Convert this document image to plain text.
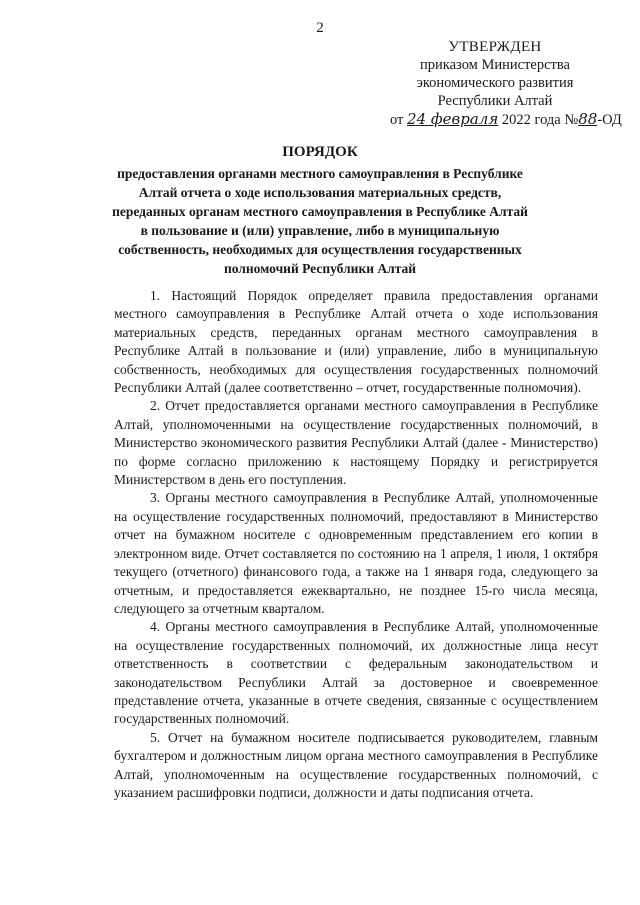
2
УТВЕРЖДЕН
приказом Министерства
экономического развития
Республики Алтай
от 24 февраля 2022 года №88-ОД
ПОРЯДОК
предоставления органами местного самоуправления в Республике Алтай отчета о ходе использования материальных средств, переданных органам местного самоуправления в Республике Алтай в пользование и (или) управление, либо в муниципальную собственность, необходимых для осуществления государственных полномочий Республики Алтай

1. Настоящий Порядок определяет правила предоставления органами местного самоуправления в Республике Алтай отчета о ходе использования материальных средств, переданных органам местного самоуправления в Республике Алтай в пользование и (или) управление, либо в муниципальную собственность, необходимых для осуществления государственных полномочий Республики Алтай (далее соответственно – отчет, государственные полномочия).

2. Отчет предоставляется органами местного самоуправления в Республике Алтай, уполномоченными на осуществление государственных полномочий, в Министерство экономического развития Республики Алтай (далее - Министерство) по форме согласно приложению к настоящему Порядку и регистрируется Министерством в день его поступления.

3. Органы местного самоуправления в Республике Алтай, уполномоченные на осуществление государственных полномочий, предоставляют в Министерство отчет на бумажном носителе с одновременным представлением его копии в электронном виде. Отчет составляется по состоянию на 1 апреля, 1 июля, 1 октября текущего (отчетного) финансового года, а также на 1 января года, следующего за отчетным, и предоставляется ежеквартально, не позднее 15-го числа месяца, следующего за отчетным кварталом.

4. Органы местного самоуправления в Республике Алтай, уполномоченные на осуществление государственных полномочий, их должностные лица несут ответственность в соответствии с федеральным законодательством и законодательством Республики Алтай за достоверное и своевременное представление отчета, указанные в отчете сведения, связанные с осуществлением государственных полномочий.

5. Отчет на бумажном носителе подписывается руководителем, главным бухгалтером и должностным лицом органа местного самоуправления в Республике Алтай, уполномоченным на осуществление государственных полномочий, с указанием расшифровки подписи, должности и даты подписания отчета.
